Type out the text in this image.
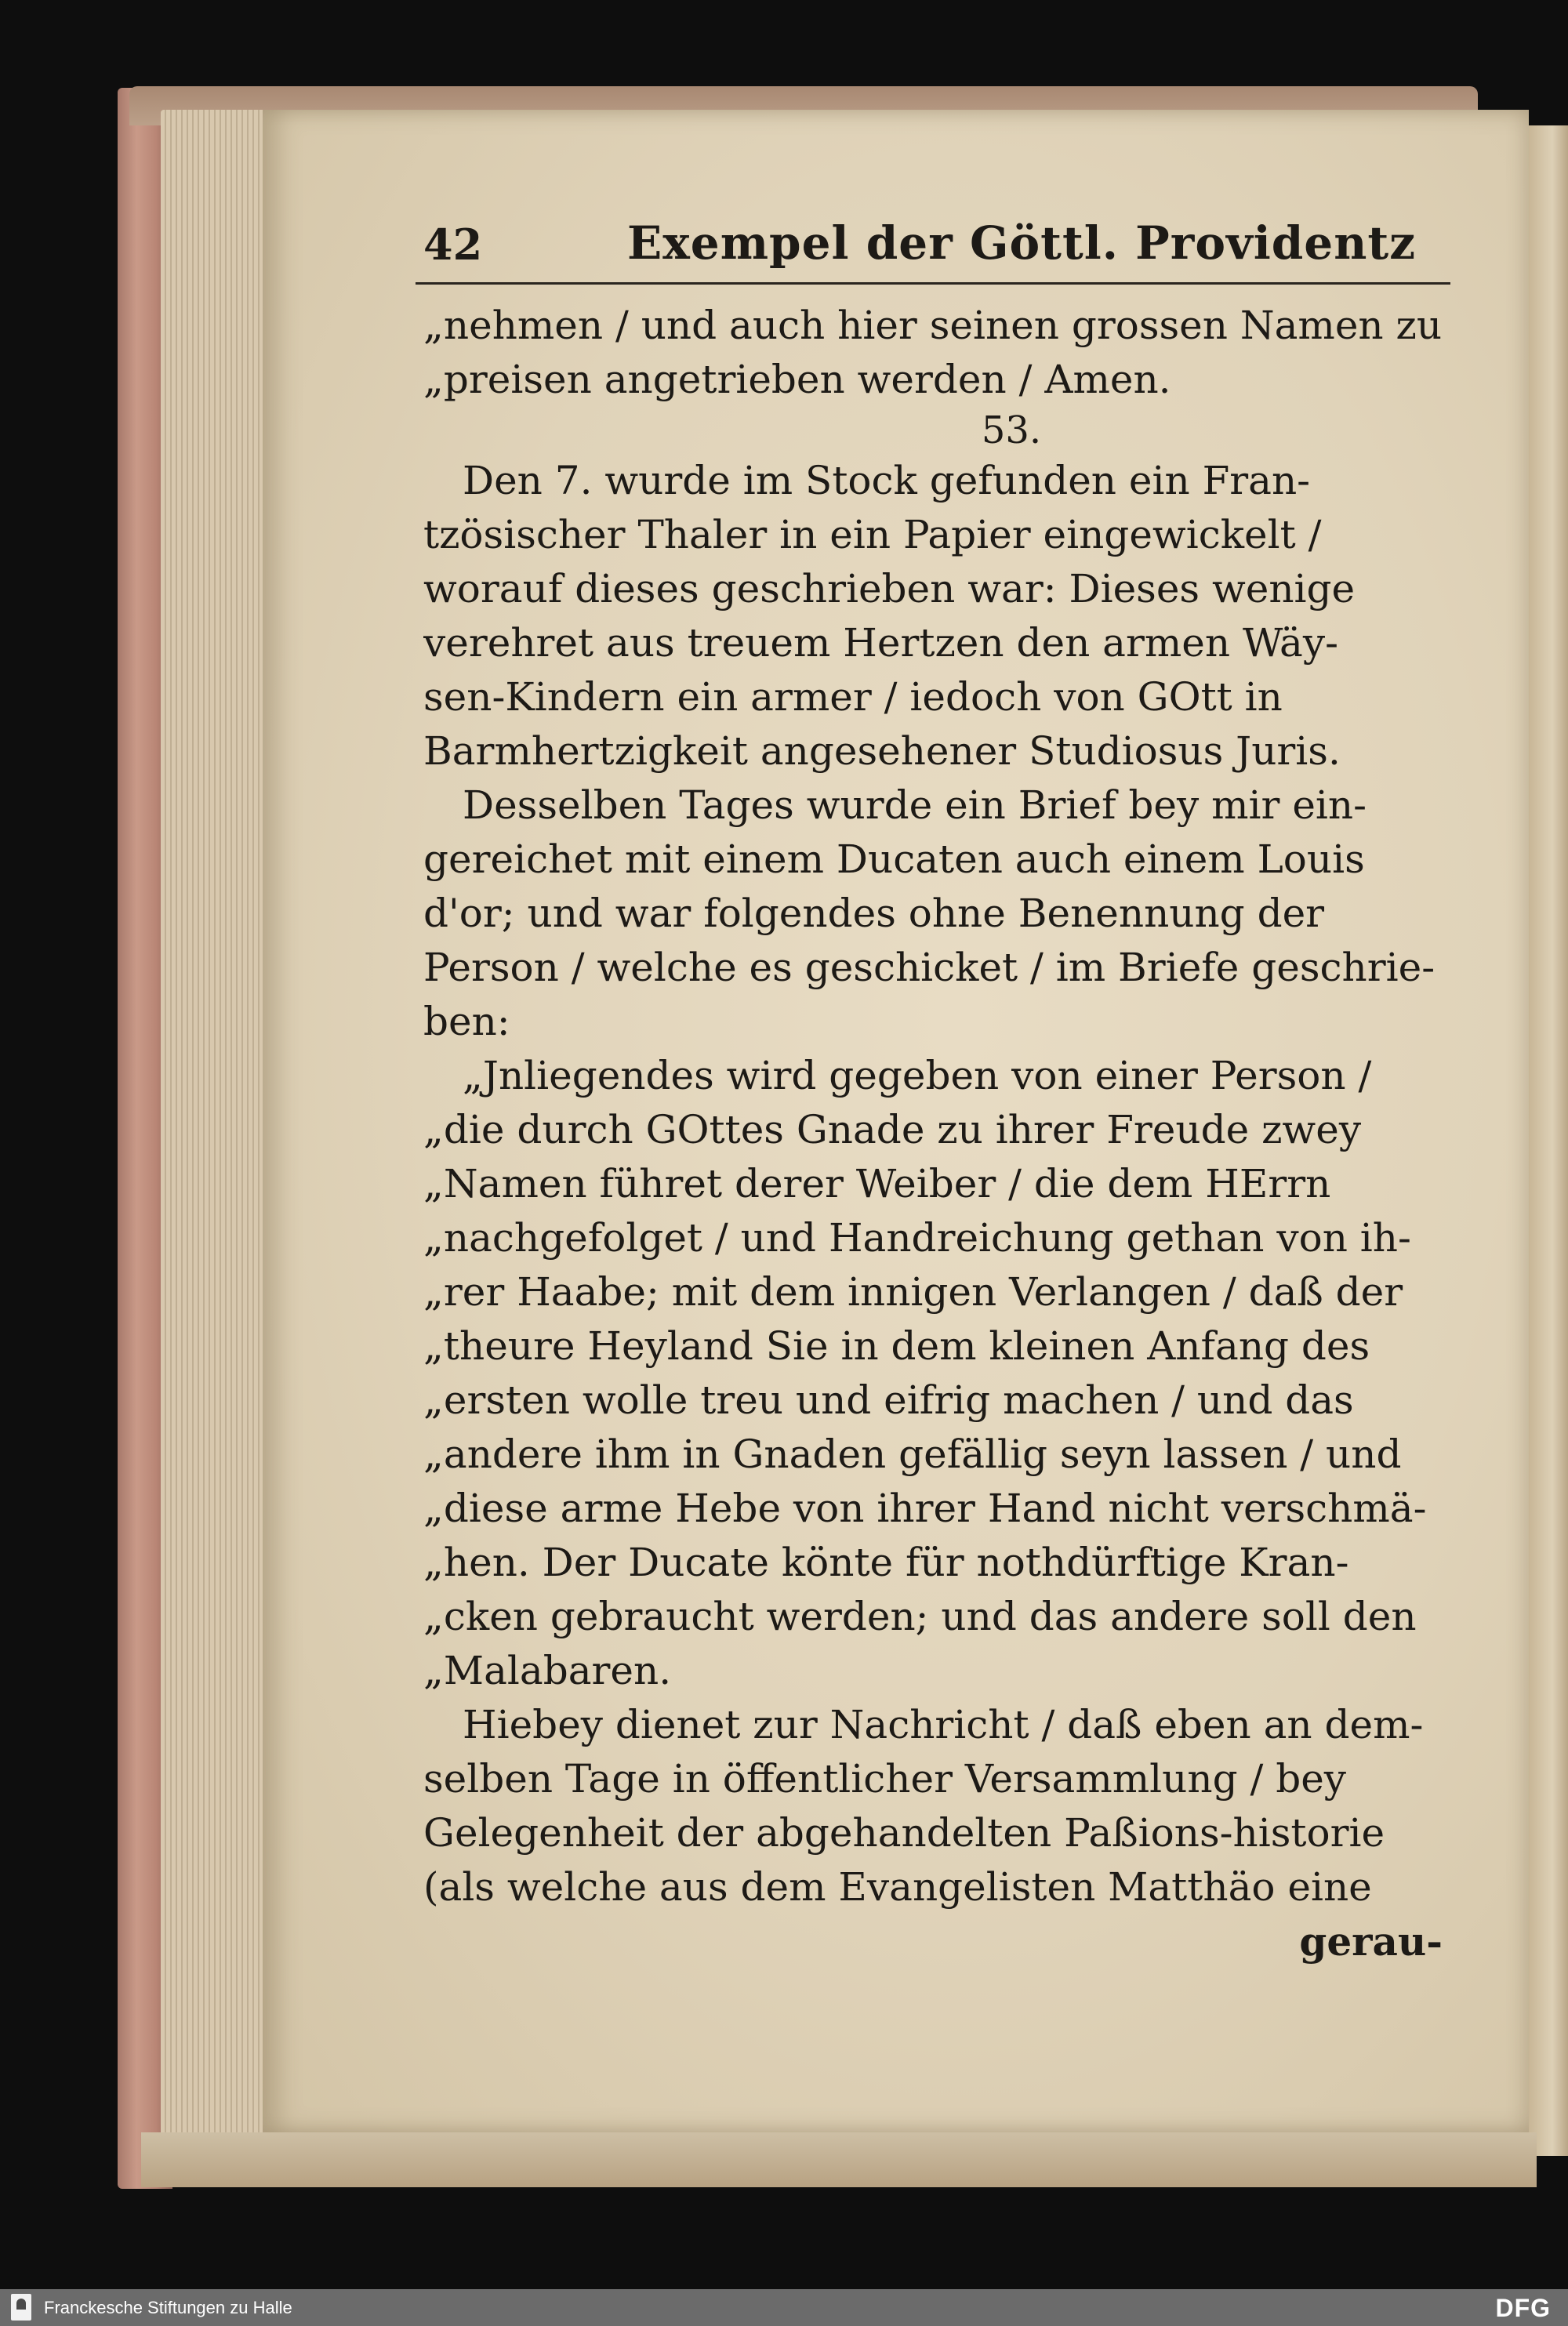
42	Exempel der Göttl. Providentz
„nehmen / und auch hier seinen grossen Namen zu
„preisen angetrieben werden / Amen.
53.
Den 7. wurde im Stock gefunden ein Fran-
tzösischer Thaler in ein Papier eingewickelt /
worauf dieses geschrieben war: Dieses wenige
verehret aus treuem Hertzen den armen Wäy-
sen-Kindern ein armer / iedoch von GOtt in
Barmhertzigkeit angesehener Studiosus Juris.
Desselben Tages wurde ein Brief bey mir ein-
gereichet mit einem Ducaten auch einem Louis
d'or; und war folgendes ohne Benennung der
Person / welche es geschicket / im Briefe geschrie-
ben:
„Jnliegendes wird gegeben von einer Person /
„die durch GOttes Gnade zu ihrer Freude zwey
„Namen führet derer Weiber / die dem HErrn
„nachgefolget / und Handreichung gethan von ih-
„rer Haabe; mit dem innigen Verlangen / daß der
„theure Heyland Sie in dem kleinen Anfang des
„ersten wolle treu und eifrig machen / und das
„andere ihm in Gnaden gefällig seyn lassen / und
„diese arme Hebe von ihrer Hand nicht verschmä-
„hen. Der Ducate könte für nothdürftige Kran-
„cken gebraucht werden; und das andere soll den
„Malabaren.
Hiebey dienet zur Nachricht / daß eben an dem-
selben Tage in öffentlicher Versammlung / bey
Gelegenheit der abgehandelten Paßions-historie
(als welche aus dem Evangelisten Matthäo eine
gerau-
Franckesche Stiftungen zu Halle	DFG
